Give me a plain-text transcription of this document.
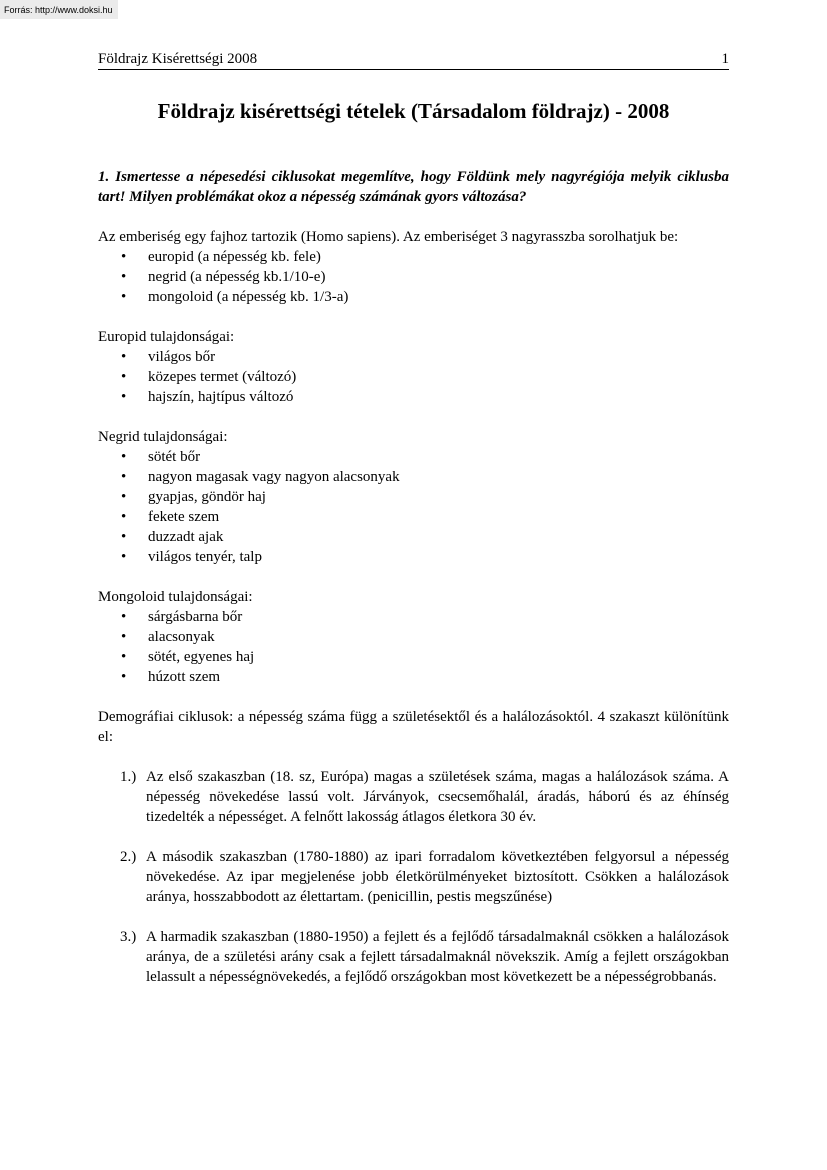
Forrás: http://www.doksi.hu
Földrajz Kisérettségi 2008	1
Földrajz kisérettségi tételek (Társadalom földrajz) - 2008

1. Ismertesse a népesedési ciklusokat megemlítve, hogy Földünk mely nagyrégiója melyik ciklusba tart! Milyen problémákat okoz a népesség számának gyors változása?

Az emberiség egy fajhoz tartozik (Homo sapiens). Az emberiséget 3 nagyrasszba sorolhatjuk be:

•	europid (a népesség kb. fele)
•	negrid (a népesség kb.1/10-e)
•	mongoloid (a népesség kb. 1/3-a)

Europid tulajdonságai:

•	világos bőr
•	közepes termet (változó)
•	hajszín, hajtípus változó

Negrid tulajdonságai:

•	sötét bőr
•	nagyon magasak vagy nagyon alacsonyak
•	gyapjas, göndör haj
•	fekete szem
•	duzzadt ajak
•	világos tenyér, talp

Mongoloid tulajdonságai:

•	sárgásbarna bőr
•	alacsonyak
•	sötét, egyenes haj
•	húzott szem

Demográfiai ciklusok: a népesség száma függ a születésektől és a halálozásoktól. 4 szakaszt különítünk el:

1.) Az első szakaszban (18. sz, Európa) magas a születések száma, magas a halálozások száma. A népesség növekedése lassú volt. Járványok, csecsemőhalál, áradás, háború és az éhínség tizedelték a népességet. A felnőtt lakosság átlagos életkora 30 év.
2.) A második szakaszban (1780-1880) az ipari forradalom következtében felgyorsul a népesség növekedése. Az ipar megjelenése jobb életkörülményeket biztosított. Csökken a halálozások aránya, hosszabbodott az élettartam. (penicillin, pestis megszűnése)
3.) A harmadik szakaszban (1880-1950) a fejlett és a fejlődő társadalmaknál csökken a halálozások aránya, de a születési arány csak a fejlett társadalmaknál növekszik. Amíg a fejlett országokban lelassult a népességnövekedés, a fejlődő országokban most következett be a népességrobbanás.
